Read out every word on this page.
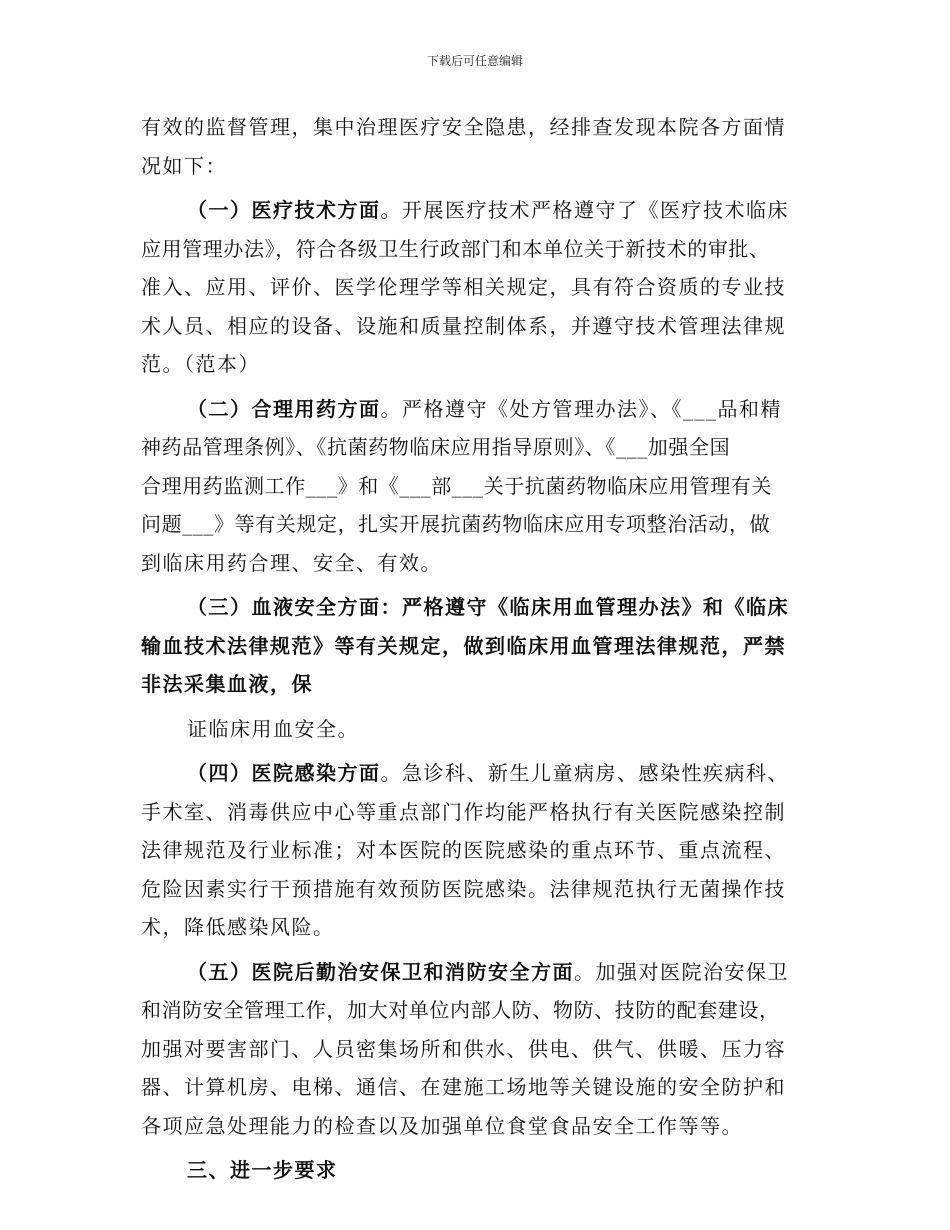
下载后可任意编辑
有效的监督管理，集中治理医疗安全隐患，经排查发现本院各方面情
况如下：
（一）医疗技术方面。开展医疗技术严格遵守了《医疗技术临床
应用管理办法》，符合各级卫生行政部门和本单位关于新技术的审批、
准入、应用、评价、医学伦理学等相关规定，具有符合资质的专业技
术人员、相应的设备、设施和质量控制体系，并遵守技术管理法律规
范。（范本）
（二）合理用药方面。严格遵守《处方管理办法》、《___品和精
神药品管理条例》、《抗菌药物临床应用指导原则》、《___加强全国
合理用药监测工作___》和《___部___关于抗菌药物临床应用管理有关
问题___》等有关规定，扎实开展抗菌药物临床应用专项整治活动，做
到临床用药合理、安全、有效。
（三）血液安全方面：严格遵守《临床用血管理办法》和《临床
输血技术法律规范》等有关规定，做到临床用血管理法律规范，严禁
非法采集血液，保
证临床用血安全。
（四）医院感染方面。急诊科、新生儿童病房、感染性疾病科、
手术室、消毒供应中心等重点部门作均能严格执行有关医院感染控制
法律规范及行业标准；对本医院的医院感染的重点环节、重点流程、
危险因素实行干预措施有效预防医院感染。法律规范执行无菌操作技
术，降低感染风险。
（五）医院后勤治安保卫和消防安全方面。加强对医院治安保卫
和消防安全管理工作，加大对单位内部人防、物防、技防的配套建设，
加强对要害部门、人员密集场所和供水、供电、供气、供暖、压力容
器、计算机房、电梯、通信、在建施工场地等关键设施的安全防护和
各项应急处理能力的检查以及加强单位食堂食品安全工作等等。
三、进一步要求
